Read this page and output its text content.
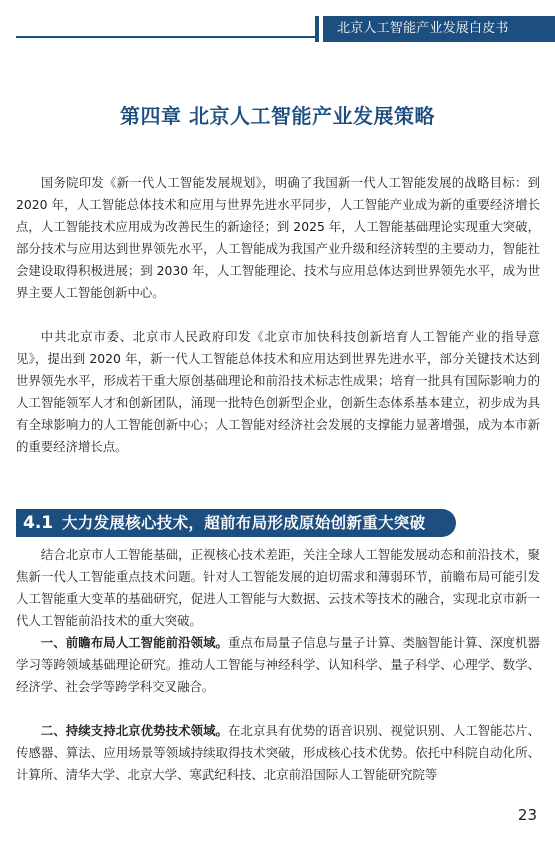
北京人工智能产业发展白皮书
第四章 北京人工智能产业发展策略

国务院印发《新一代人工智能发展规划》，明确了我国新一代人工智能发展的战略目标：到 2020 年，人工智能总体技术和应用与世界先进水平同步，人工智能产业成为新的重要经济增长点，人工智能技术应用成为改善民生的新途径；到 2025 年，人工智能基础理论实现重大突破，部分技术与应用达到世界领先水平，人工智能成为我国产业升级和经济转型的主要动力，智能社会建设取得积极进展；到 2030 年，人工智能理论、技术与应用总体达到世界领先水平，成为世界主要人工智能创新中心。

中共北京市委、北京市人民政府印发《北京市加快科技创新培育人工智能产业的指导意见》，提出到 2020 年，新一代人工智能总体技术和应用达到世界先进水平，部分关键技术达到世界领先水平，形成若干重大原创基础理论和前沿技术标志性成果；培育一批具有国际影响力的人工智能领军人才和创新团队，涌现一批特色创新型企业，创新生态体系基本建立，初步成为具有全球影响力的人工智能创新中心；人工智能对经济社会发展的支撑能力显著增强，成为本市新的重要经济增长点。

4.1 大力发展核心技术，超前布局形成原始创新重大突破

结合北京市人工智能基础，正视核心技术差距，关注全球人工智能发展动态和前沿技术，聚焦新一代人工智能重点技术问题。针对人工智能发展的迫切需求和薄弱环节，前瞻布局可能引发人工智能重大变革的基础研究，促进人工智能与大数据、云技术等技术的融合，实现北京市新一代人工智能前沿技术的重大突破。

一、前瞻布局人工智能前沿领域。重点布局量子信息与量子计算、类脑智能计算、深度机器学习等跨领域基础理论研究。推动人工智能与神经科学、认知科学、量子科学、心理学、数学、经济学、社会学等跨学科交叉融合。

二、持续支持北京优势技术领域。在北京具有优势的语音识别、视觉识别、人工智能芯片、传感器、算法、应用场景等领域持续取得技术突破，形成核心技术优势。依托中科院自动化所、计算所、清华大学、北京大学、寒武纪科技、北京前沿国际人工智能研究院等

23
